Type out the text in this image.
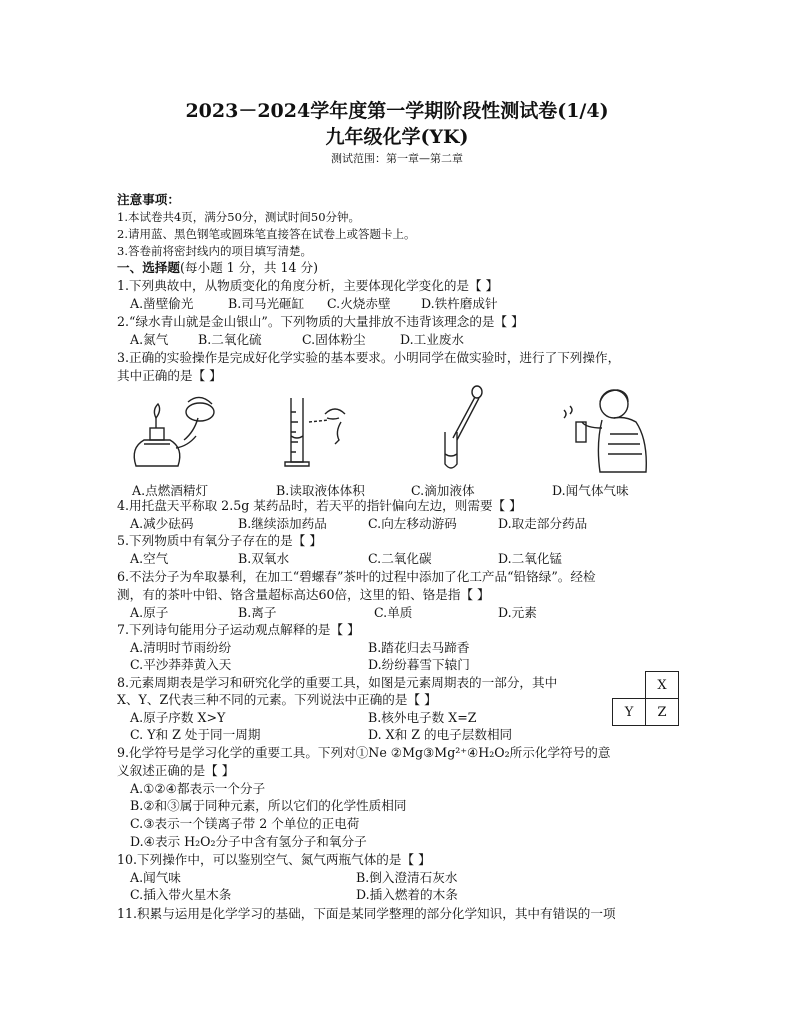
2023－2024学年度第一学期阶段性测试卷(1/4)
九年级化学(YK)
测试范围：第一章—第二章
注意事项：
1.本试卷共4页，满分50分，测试时间50分钟。
2.请用蓝、黑色钢笔或圆珠笔直接答在试卷上或答题卡上。
3.答卷前将密封线内的项目填写清楚。
一、选择题(每小题 1 分，共 14 分)
1.下列典故中，从物质变化的角度分析，主要体现化学变化的是【 】
A.凿壁偷光	B.司马光砸缸 C.火烧赤壁 D.铁杵磨成针
2.“绿水青山就是金山银山”。下列物质的大量排放不违背该理念的是【 】
A.氮气 B.二氧化硫	C.固体粉尘	D.工业废水
3.正确的实验操作是完成好化学实验的基本要求。小明同学在做实验时，进行了下列操作，
其中正确的是【 】
A.点燃酒精灯	B.读取液体体积	C.滴加液体	D.闻气体气味
4.用托盘天平称取 2.5g 某药品时，若天平的指针偏向左边，则需要【 】
A.减少砝码	B.继续添加药品	C.向左移动游码	D.取走部分药品
5.下列物质中有氧分子存在的是【 】
A.空气	B.双氧水	C.二氧化碳	D.二氧化锰
6.不法分子为牟取暴利，在加工“碧螺春”茶叶的过程中添加了化工产品“铅铬绿”。经检
测，有的茶叶中铅、铬含量超标高达60倍，这里的铅、铬是指【 】
A.原子	B.离子	C.单质	D.元素
7.下列诗句能用分子运动观点解释的是【 】
A.清明时节雨纷纷	B.踏花归去马蹄香
C.平沙莽莽黄入天	D.纷纷暮雪下辕门
8.元素周期表是学习和研究化学的重要工具，如图是元素周期表的一部分，其中
X、Y、Z代表三种不同的元素。下列说法中正确的是【 】
A.原子序数 X>Y	B.核外电子数 X=Z
C. Y和 Z 处于同一周期	D. X和 Z 的电子层数相同
	X
Y	Z
9.化学符号是学习化学的重要工具。下列对①Ne ②Mg③Mg²⁺④H₂O₂所示化学符号的意
义叙述正确的是【 】
A.①②④都表示一个分子
B.②和③属于同种元素，所以它们的化学性质相同
C.③表示一个镁离子带 2 个单位的正电荷
D.④表示 H₂O₂分子中含有氢分子和氧分子
10.下列操作中，可以鉴别空气、氮气两瓶气体的是【 】
A.闻气味	B.倒入澄清石灰水
C.插入带火星木条	D.插入燃着的木条
11.积累与运用是化学学习的基础，下面是某同学整理的部分化学知识，其中有错误的一项
